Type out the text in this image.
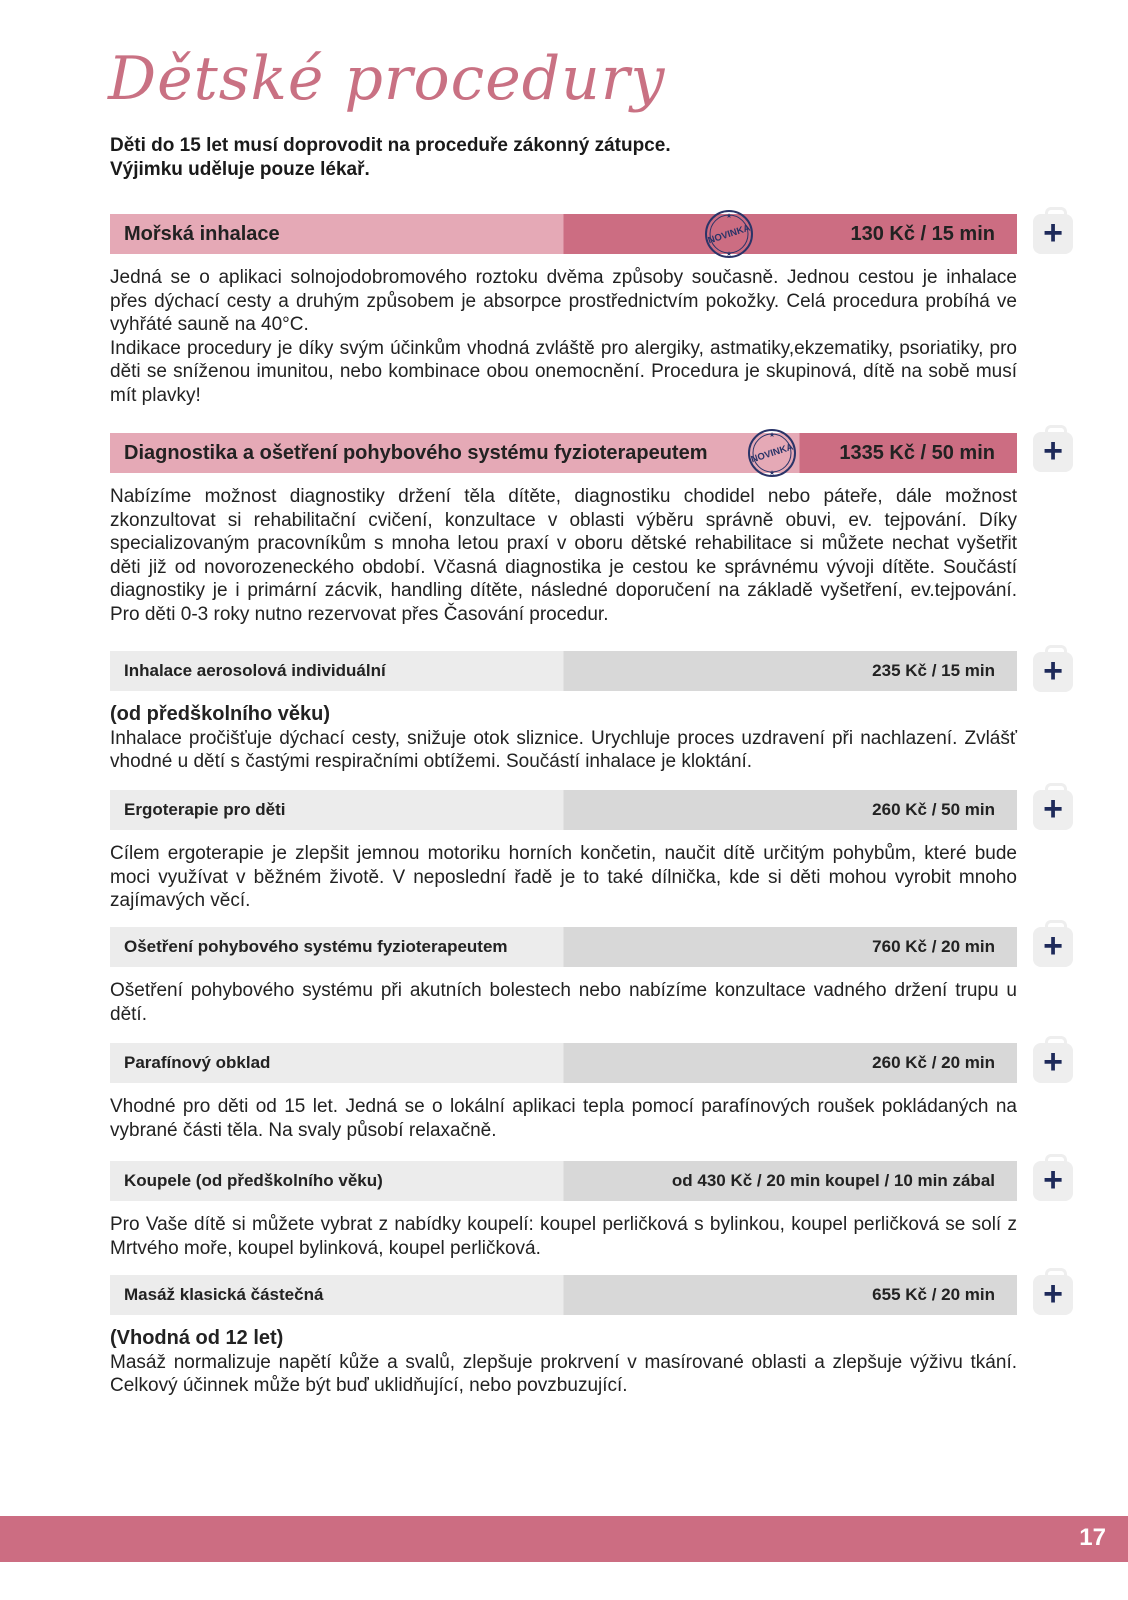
Dětské procedury
Děti do 15 let musí doprovodit na proceduře zákonný zátupce.
Výjimku uděluje pouze lékař.
Mořská inhalace
★
★
NOVINKA	130 Kč / 15 min

Jedná se o aplikaci solnojodobromového roztoku dvěma způsoby současně. Jednou cestou je inhalace přes dýchací cesty a druhým způsobem je absorpce prostřednictvím pokožky. Celá procedura probíhá ve vyhřáté sauně na 40°C.

Indikace procedury je díky svým účinkům vhodná zvláště pro alergiky, astmatiky,ekzematiky, psoriatiky, pro děti se sníženou imunitou, nebo kombinace obou onemocnění. Procedura je skupinová, dítě na sobě musí mít plavky!

+
Diagnostika a ošetření pohybového systému fyzioterapeutem
★
★
NOVINKA 1335 Kč / 50 min

Nabízíme možnost diagnostiky držení těla dítěte, diagnostiku chodidel nebo páteře, dále možnost zkonzultovat si rehabilitační cvičení, konzultace v oblasti výběru správně obuvi, ev. tejpování. Díky specializovaným pracovníkům s mnoha letou praxí v oboru dětské rehabilitace si můžete nechat vyšetřit děti již od novorozeneckého období. Včasná diagnostika je cestou ke správnému vývoji dítěte. Součástí diagnostiky je i primární zácvik, handling dítěte, následné doporučení na základě vyšetření, ev.tejpování. Pro děti 0-3 roky nutno rezervovat přes Časování procedur.

+
Inhalace aerosolová individuální	235 Kč / 15 min

(od předškolního věku)

Inhalace pročišťuje dýchací cesty, snižuje otok sliznice. Urychluje proces uzdravení při nachlazení. Zvlášť vhodné u dětí s častými respiračními obtížemi. Součástí inhalace je kloktání.

+
Ergoterapie pro děti	260 Kč / 50 min

Cílem ergoterapie je zlepšit jemnou motoriku horních končetin, naučit dítě určitým pohybům, které bude moci využívat v běžném životě. V neposlední řadě je to také dílnička, kde si děti mohou vyrobit mnoho zajímavých věcí.

+
Ošetření pohybového systému fyzioterapeutem	760 Kč / 20 min

Ošetření pohybového systému při akutních bolestech nebo nabízíme konzultace vadného držení trupu u dětí.

+
Parafínový obklad	260 Kč / 20 min

Vhodné pro děti od 15 let. Jedná se o lokální aplikaci tepla pomocí parafínových roušek pokládaných na vybrané části těla. Na svaly působí relaxačně.

+
Koupele (od předškolního věku)	od 430 Kč / 20 min koupel / 10 min zábal

Pro Vaše dítě si můžete vybrat z nabídky koupelí: koupel perličková s bylinkou, koupel perličková se solí z Mrtvého moře, koupel bylinková, koupel perličková.

+
Masáž klasická částečná	655 Kč / 20 min

(Vhodná od 12 let)

Masáž normalizuje napětí kůže a svalů, zlepšuje prokrvení v masírované oblasti a zlepšuje výživu tkání. Celkový účinnek může být buď uklidňující, nebo povzbuzující.

+
17
